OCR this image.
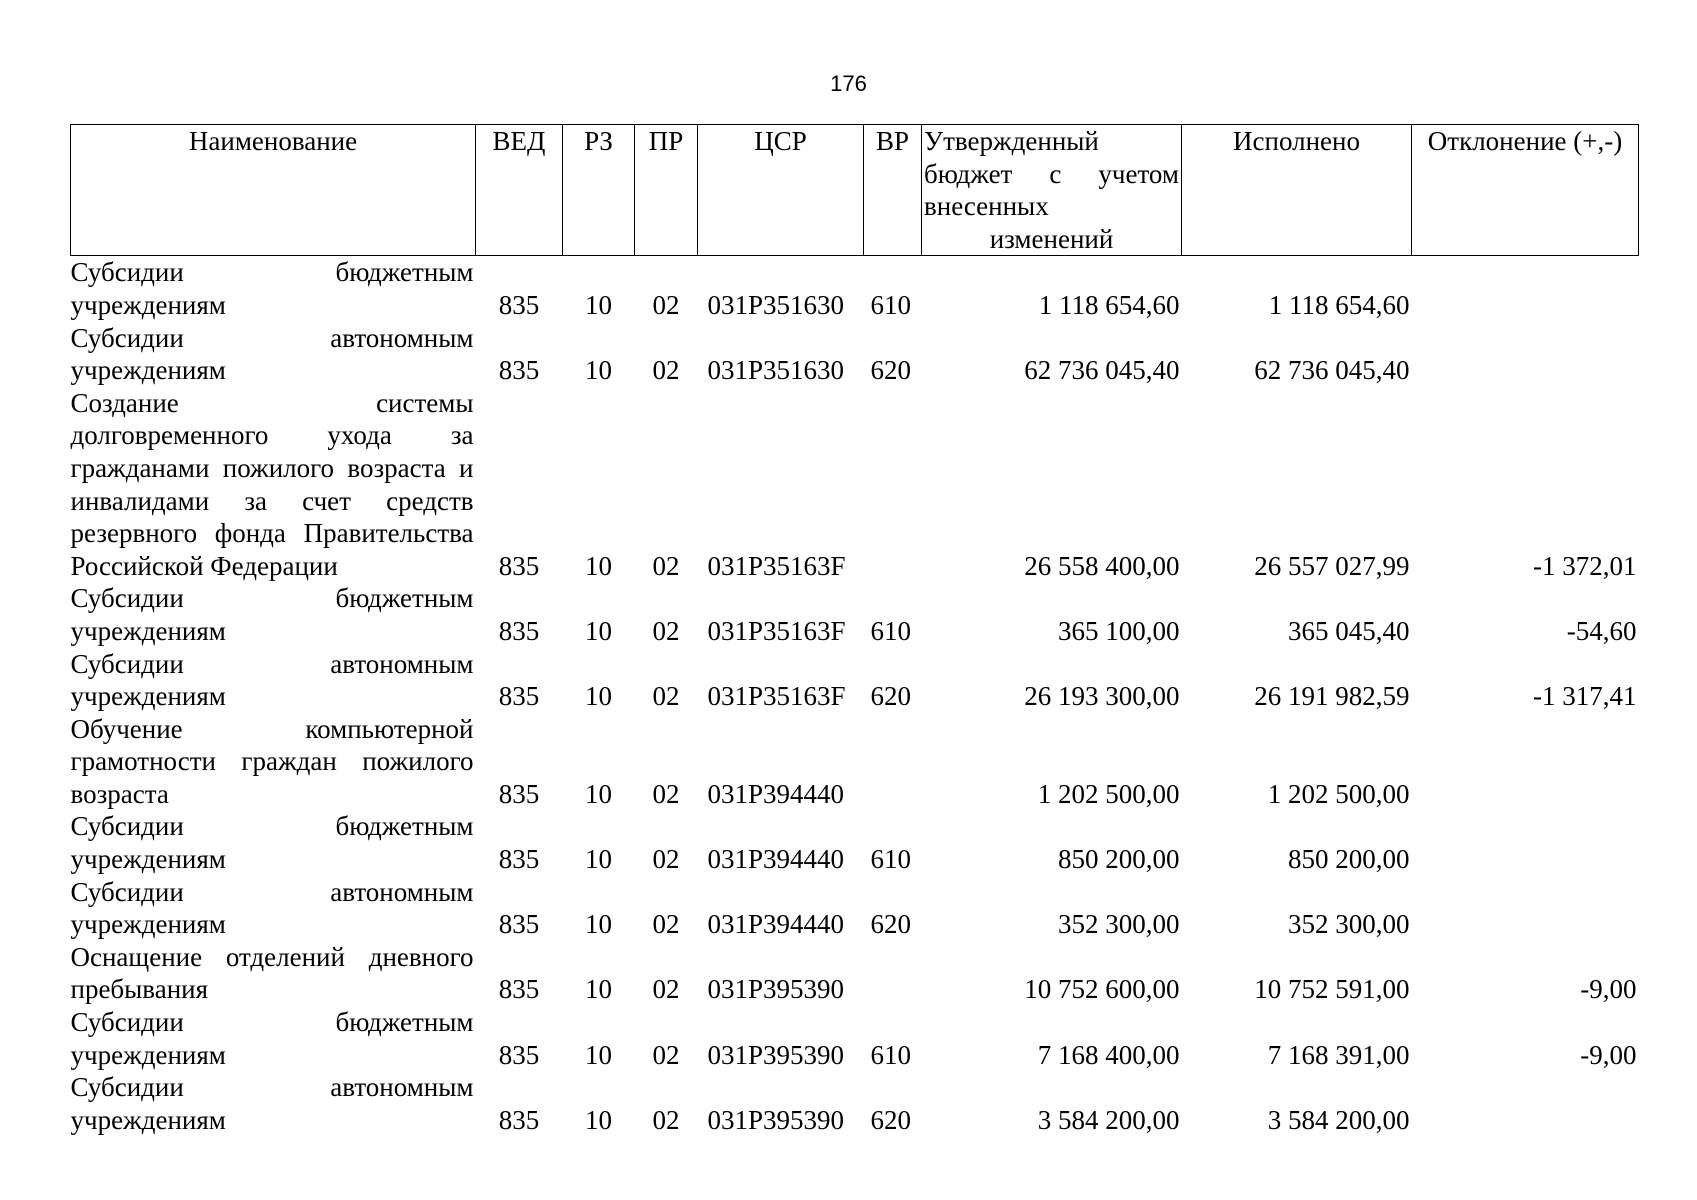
176
Наименование	ВЕД	РЗ	ПР	ЦСР	ВР	Утвержденный бюджет с учетом внесенных изменений	Исполнено	Отклонение (+,-)
Субсидии бюджетным учреждениям	835	10	02	031P351630	610	1 118 654,60	1 118 654,60	
Субсидии автономным учреждениям	835	10	02	031P351630	620	62 736 045,40	62 736 045,40	
Создание системы долговременного ухода за гражданами пожилого возраста и инвалидами за счет средств резервного фонда Правительства Российской Федерации	835	10	02	031P35163F		26 558 400,00	26 557 027,99	-1 372,01
Субсидии бюджетным учреждениям	835	10	02	031P35163F	610	365 100,00	365 045,40	-54,60
Субсидии автономным учреждениям	835	10	02	031P35163F	620	26 193 300,00	26 191 982,59	-1 317,41
Обучение компьютерной грамотности граждан пожилого возраста	835	10	02	031P394440		1 202 500,00	1 202 500,00	
Субсидии бюджетным учреждениям	835	10	02	031P394440	610	850 200,00	850 200,00	
Субсидии автономным учреждениям	835	10	02	031P394440	620	352 300,00	352 300,00	
Оснащение отделений дневного пребывания	835	10	02	031P395390		10 752 600,00	10 752 591,00	-9,00
Субсидии бюджетным учреждениям	835	10	02	031P395390	610	7 168 400,00	7 168 391,00	-9,00
Субсидии автономным учреждениям	835	10	02	031P395390	620	3 584 200,00	3 584 200,00	
